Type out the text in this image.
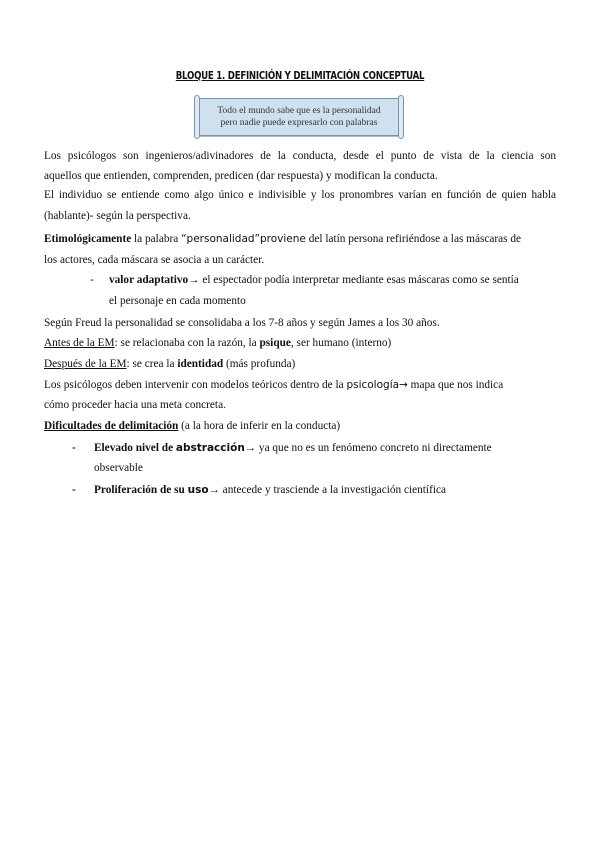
BLOQUE 1. DEFINICIÓN Y DELIMITACIÓN CONCEPTUAL
Todo el mundo sabe que es la personalidad
pero nadie puede expresarlo con palabras
Los psicólogos son ingenieros/adivinadores de la conducta, desde el punto de vista de la ciencia son
aquellos que entienden, comprenden, predicen (dar respuesta) y modifican la conducta.
El individuo se entiende como algo único e indivisible y los pronombres varían en función de quien habla
(hablante)- según la perspectiva.
Etimológicamente la palabra “personalidad”proviene del latín persona refiriéndose a las máscaras de
los actores, cada máscara se asocia a un carácter.
- valor adaptativo→ el espectador podía interpretar mediante esas máscaras como se sentía
el personaje en cada momento
Según Freud la personalidad se consolidaba a los 7-8 años y según James a los 30 años.
Antes de la EM: se relacionaba con la razón, la psique, ser humano (interno)
Después de la EM: se crea la identidad (más profunda)
Los psicólogos deben intervenir con modelos teóricos dentro de la psicología→ mapa que nos indica
cómo proceder hacia una meta concreta.
Dificultades de delimitación (a la hora de inferir en la conducta)
- Elevado nivel de abstracción→ ya que no es un fenómeno concreto ni directamente
observable
- Proliferación de su uso→ antecede y trasciende a la investigación científica
